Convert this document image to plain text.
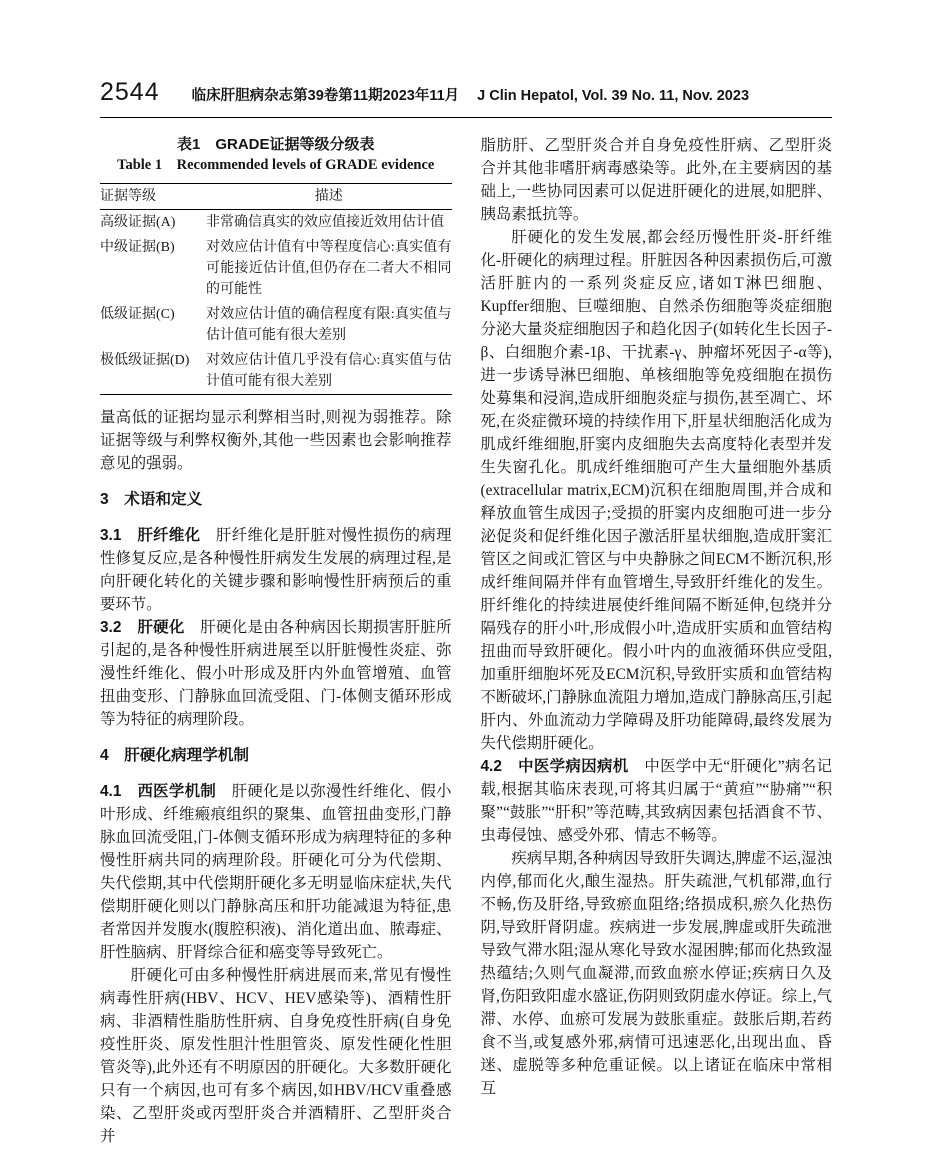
2544 临床肝胆病杂志第39卷第11期2023年11月 J Clin Hepatol, Vol. 39 No. 11, Nov. 2023
表1　GRADE证据等级分级表
Table 1　Recommended levels of GRADE evidence
证据等级	描述
高级证据(A)	非常确信真实的效应值接近效用估计值
中级证据(B)	对效应估计值有中等程度信心:真实值有可能接近估计值,但仍存在二者大不相同的可能性
低级证据(C)	对效应估计值的确信程度有限:真实值与估计值可能有很大差别
极低级证据(D)	对效应估计值几乎没有信心:真实值与估计值可能有很大差别

量高低的证据均显示利弊相当时,则视为弱推荐。除证据等级与利弊权衡外,其他一些因素也会影响推荐意见的强弱。

3　术语和定义

3.1　肝纤维化　肝纤维化是肝脏对慢性损伤的病理性修复反应,是各种慢性肝病发生发展的病理过程,是向肝硬化转化的关键步骤和影响慢性肝病预后的重要环节。

3.2　肝硬化　肝硬化是由各种病因长期损害肝脏所引起的,是各种慢性肝病进展至以肝脏慢性炎症、弥漫性纤维化、假小叶形成及肝内外血管增殖、血管扭曲变形、门静脉血回流受阻、门-体侧支循环形成等为特征的病理阶段。

4　肝硬化病理学机制

4.1　西医学机制　肝硬化是以弥漫性纤维化、假小叶形成、纤维瘢痕组织的聚集、血管扭曲变形,门静脉血回流受阻,门-体侧支循环形成为病理特征的多种慢性肝病共同的病理阶段。肝硬化可分为代偿期、失代偿期,其中代偿期肝硬化多无明显临床症状,失代偿期肝硬化则以门静脉高压和肝功能减退为特征,患者常因并发腹水(腹腔积液)、消化道出血、脓毒症、肝性脑病、肝肾综合征和癌变等导致死亡。

肝硬化可由多种慢性肝病进展而来,常见有慢性病毒性肝病(HBV、HCV、HEV感染等)、酒精性肝病、非酒精性脂肪性肝病、自身免疫性肝病(自身免疫性肝炎、原发性胆汁性胆管炎、原发性硬化性胆管炎等),此外还有不明原因的肝硬化。大多数肝硬化只有一个病因,也可有多个病因,如HBV/HCV重叠感染、乙型肝炎或丙型肝炎合并酒精肝、乙型肝炎合并

脂肪肝、乙型肝炎合并自身免疫性肝病、乙型肝炎合并其他非嗜肝病毒感染等。此外,在主要病因的基础上,一些协同因素可以促进肝硬化的进展,如肥胖、胰岛素抵抗等。

肝硬化的发生发展,都会经历慢性肝炎-肝纤维化-肝硬化的病理过程。肝脏因各种因素损伤后,可激活肝脏内的一系列炎症反应,诸如T淋巴细胞、Kupffer细胞、巨噬细胞、自然杀伤细胞等炎症细胞分泌大量炎症细胞因子和趋化因子(如转化生长因子-β、白细胞介素-1β、干扰素-γ、肿瘤坏死因子-α等),进一步诱导淋巴细胞、单核细胞等免疫细胞在损伤处募集和浸润,造成肝细胞炎症与损伤,甚至凋亡、坏死,在炎症微环境的持续作用下,肝星状细胞活化成为肌成纤维细胞,肝窦内皮细胞失去高度特化表型并发生失窗孔化。肌成纤维细胞可产生大量细胞外基质(extracellular matrix,ECM)沉积在细胞周围,并合成和释放血管生成因子;受损的肝窦内皮细胞可进一步分泌促炎和促纤维化因子激活肝星状细胞,造成肝窦汇管区之间或汇管区与中央静脉之间ECM不断沉积,形成纤维间隔并伴有血管增生,导致肝纤维化的发生。肝纤维化的持续进展使纤维间隔不断延伸,包绕并分隔残存的肝小叶,形成假小叶,造成肝实质和血管结构扭曲而导致肝硬化。假小叶内的血液循环供应受阻,加重肝细胞坏死及ECM沉积,导致肝实质和血管结构不断破坏,门静脉血流阻力增加,造成门静脉高压,引起肝内、外血流动力学障碍及肝功能障碍,最终发展为失代偿期肝硬化。

4.2　中医学病因病机　中医学中无“肝硬化”病名记载,根据其临床表现,可将其归属于“黄疸”“胁痛”“积聚”“鼓胀”“肝积”等范畴,其致病因素包括酒食不节、虫毒侵蚀、感受外邪、情志不畅等。

疾病早期,各种病因导致肝失调达,脾虚不运,湿浊内停,郁而化火,酿生湿热。肝失疏泄,气机郁滞,血行不畅,伤及肝络,导致瘀血阻络;络损成积,瘀久化热伤阴,导致肝肾阴虚。疾病进一步发展,脾虚或肝失疏泄导致气滞水阻;湿从寒化导致水湿困脾;郁而化热致湿热蕴结;久则气血凝滞,而致血瘀水停证;疾病日久及肾,伤阳致阳虚水盛证,伤阴则致阴虚水停证。综上,气滞、水停、血瘀可发展为鼓胀重症。鼓胀后期,若药食不当,或复感外邪,病情可迅速恶化,出现出血、昏迷、虚脱等多种危重证候。以上诸证在临床中常相互
